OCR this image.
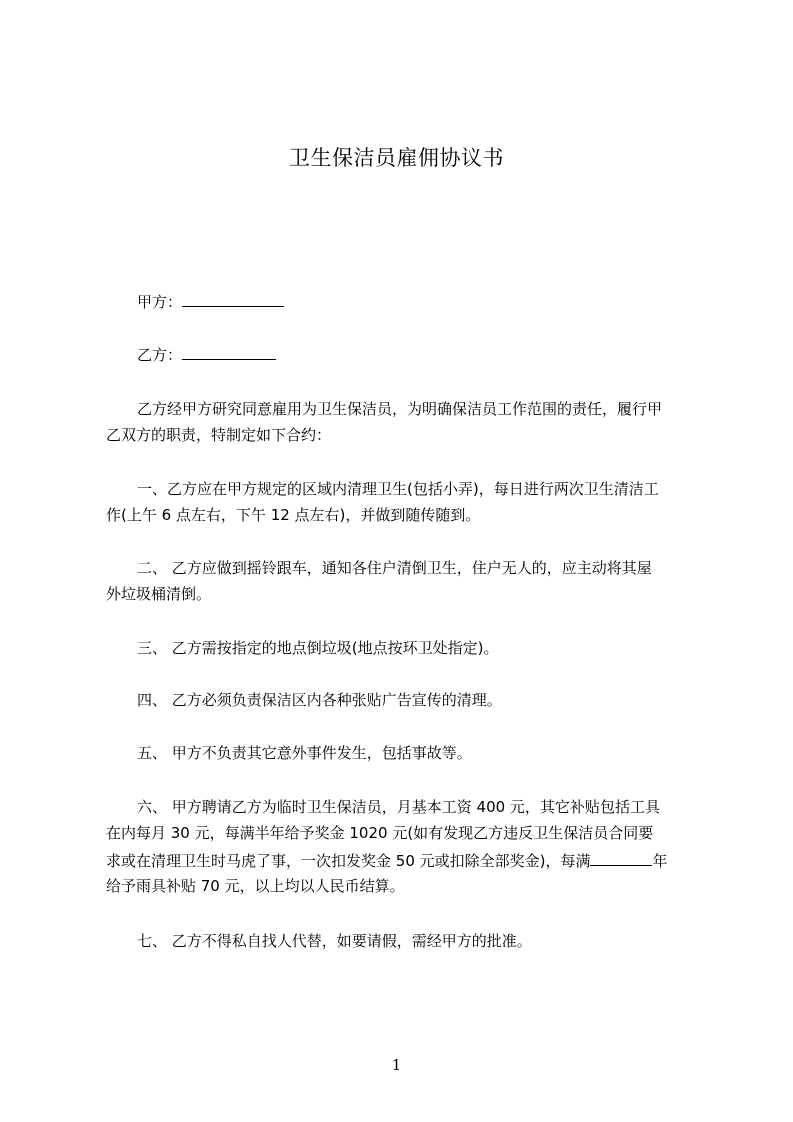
卫生保洁员雇佣协议书
甲方：
乙方：
乙方经甲方研究同意雇用为卫生保洁员，为明确保洁员工作范围的责任，履行甲
乙双方的职责，特制定如下合约：
一、乙方应在甲方规定的区域内清理卫生(包括小弄)，每日进行两次卫生清洁工
作(上午 6 点左右，下午 12 点左右)，并做到随传随到。
二、 乙方应做到摇铃跟车，通知各住户清倒卫生，住户无人的，应主动将其屋
外垃圾桶清倒。
三、 乙方需按指定的地点倒垃圾(地点按环卫处指定)。
四、 乙方必须负责保洁区内各种张贴广告宣传的清理。
五、 甲方不负责其它意外事件发生，包括事故等。
六、 甲方聘请乙方为临时卫生保洁员，月基本工资 400 元，其它补贴包括工具
在内每月 30 元，每满半年给予奖金 1020 元(如有发现乙方违反卫生保洁员合同要
求或在清理卫生时马虎了事，一次扣发奖金 50 元或扣除全部奖金)，每满	年
给予雨具补贴 70 元，以上均以人民币结算。
七、 乙方不得私自找人代替，如要请假，需经甲方的批准。
1
